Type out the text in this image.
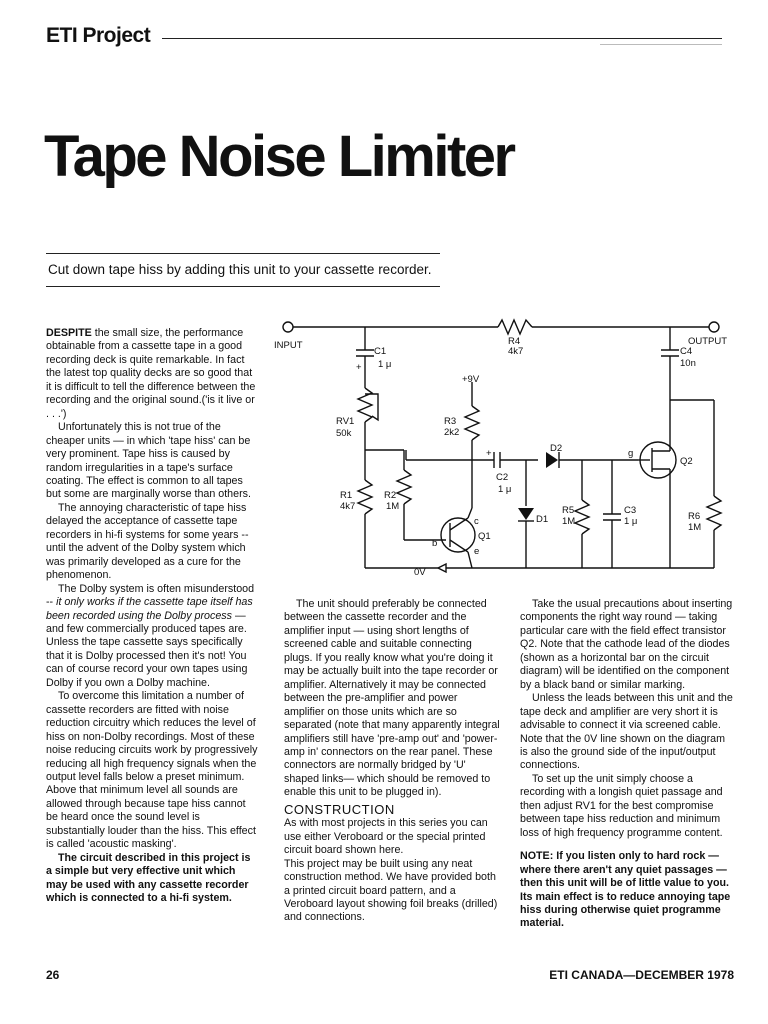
ETI Project
Tape Noise Limiter
Cut down tape hiss by adding this unit to your cassette recorder.

DESPITE the small size, the performance obtainable from a cassette tape in a good recording deck is quite remarkable. In fact the latest top quality decks are so good that it is difficult to tell the difference between the recording and the original sound.('is it live or . . .')

Unfortunately this is not true of the cheaper units — in which 'tape hiss' can be very prominent. Tape hiss is caused by random irregularities in a tape's surface coating. The effect is common to all tapes but some are marginally worse than others.

The annoying characteristic of tape hiss delayed the acceptance of cassette tape recorders in hi-fi systems for some years -- until the advent of the Dolby system which was primarily developed as a cure for the phenomenon.

The Dolby system is often misunderstood -- it only works if the cassette tape itself has been recorded using the Dolby process — and few commercially produced tapes are. Unless the tape cassette says specifically that it is Dolby processed then it's not! You can of course record your own tapes using Dolby if you own a Dolby machine.

To overcome this limitation a number of cassette recorders are fitted with noise reduction circuitry which reduces the level of hiss on non-Dolby recordings. Most of these noise reducing circuits work by progressively reducing all high frequency signals when the output level falls below a preset minimum. Above that minimum level all sounds are allowed through because tape hiss cannot be heard once the sound level is substantially louder than the hiss. This effect is called 'acoustic masking'.

The circuit described in this project is a simple but very effective unit which may be used with any cassette recorder which is connected to a hi-fi system.

INPUT	OUTPUT
R4
4k7	C4
10n
C1
1 μ
+
+9V
RV1
50k
R3
2k2
D2
C2
1 μ
+
Q2
g
R1
4k7
R2
1M
D1
R5
1M
C3
1 μ	R6
1M
Q1
b
c
e
0V

The unit should preferably be connected between the cassette recorder and the amplifier input — using short lengths of screened cable and suitable connecting plugs. If you really know what you're doing it may be actually built into the tape recorder or amplifier. Alternatively it may be connected between the pre-amplifier and power amplifier on those units which are so separated (note that many apparently integral amplifiers still have 'pre-amp out' and 'power-amp in' connectors on the rear panel. These connectors are normally bridged by 'U' shaped links— which should be removed to enable this unit to be plugged in).

CONSTRUCTION

As with most projects in this series you can use either Veroboard or the special printed circuit board shown here.

This project may be built using any neat construction method. We have provided both a printed circuit board pattern, and a Veroboard layout showing foil breaks (drilled) and connections.

Take the usual precautions about inserting components the right way round — taking particular care with the field effect transistor Q2. Note that the cathode lead of the diodes (shown as a horizontal bar on the circuit diagram) will be identified on the component by a black band or similar marking.

Unless the leads between this unit and the tape deck and amplifier are very short it is advisable to connect it via screened cable. Note that the 0V line shown on the diagram is also the ground side of the input/output connections.

To set up the unit simply choose a recording with a longish quiet passage and then adjust RV1 for the best compromise between tape hiss reduction and minimum loss of high frequency programme content.

NOTE: If you listen only to hard rock — where there aren't any quiet passages — then this unit will be of little value to you. Its main effect is to reduce annoying tape hiss during otherwise quiet programme material.

26	ETI CANADA—DECEMBER 1978
